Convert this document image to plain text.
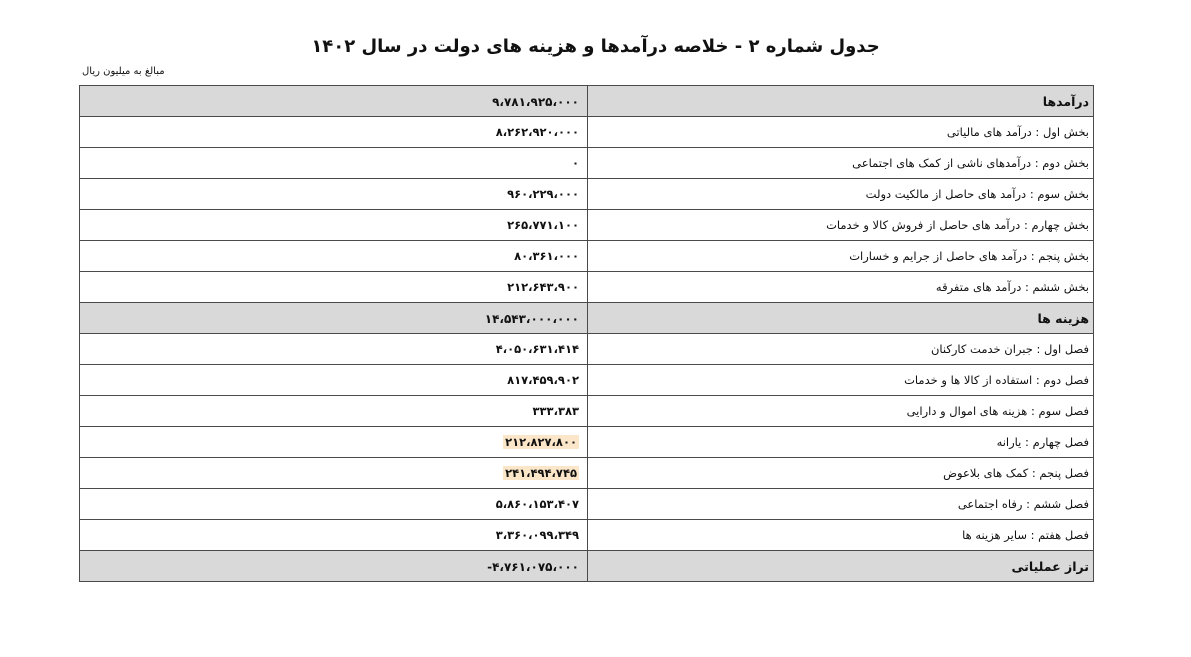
جدول شماره ۲ - خلاصه درآمدها و هزینه های دولت در سال ۱۴۰۲
مبالغ به میلیون ریال
درآمدها	۹،۷۸۱،۹۲۵،۰۰۰
بخش اول : درآمد های مالیاتی	۸،۲۶۲،۹۲۰،۰۰۰
بخش دوم : درآمدهای ناشی از کمک های اجتماعی	۰
بخش سوم : درآمد های حاصل از مالکیت دولت	۹۶۰،۲۲۹،۰۰۰
بخش چهارم : درآمد های حاصل از فروش کالا و خدمات	۲۶۵،۷۷۱،۱۰۰
بخش پنجم : درآمد های حاصل از جرایم و خسارات	۸۰،۳۶۱،۰۰۰
بخش ششم : درآمد های متفرقه	۲۱۲،۶۴۳،۹۰۰
هزینه ها	۱۴،۵۴۳،۰۰۰،۰۰۰
فصل اول : جبران خدمت کارکنان	۴،۰۵۰،۶۳۱،۴۱۴
فصل دوم : استفاده از کالا ها و خدمات	۸۱۷،۴۵۹،۹۰۲
فصل سوم : هزینه های اموال و دارایی	۳۳۳،۳۸۳
فصل چهارم : یارانه	۲۱۲،۸۲۷،۸۰۰
فصل پنجم : کمک های بلاعوض	۲۴۱،۴۹۴،۷۴۵
فصل ششم : رفاه اجتماعی	۵،۸۶۰،۱۵۳،۴۰۷
فصل هفتم : سایر هزینه ها	۳،۳۶۰،۰۹۹،۳۴۹
تراز عملیاتی	-۴،۷۶۱،۰۷۵،۰۰۰
